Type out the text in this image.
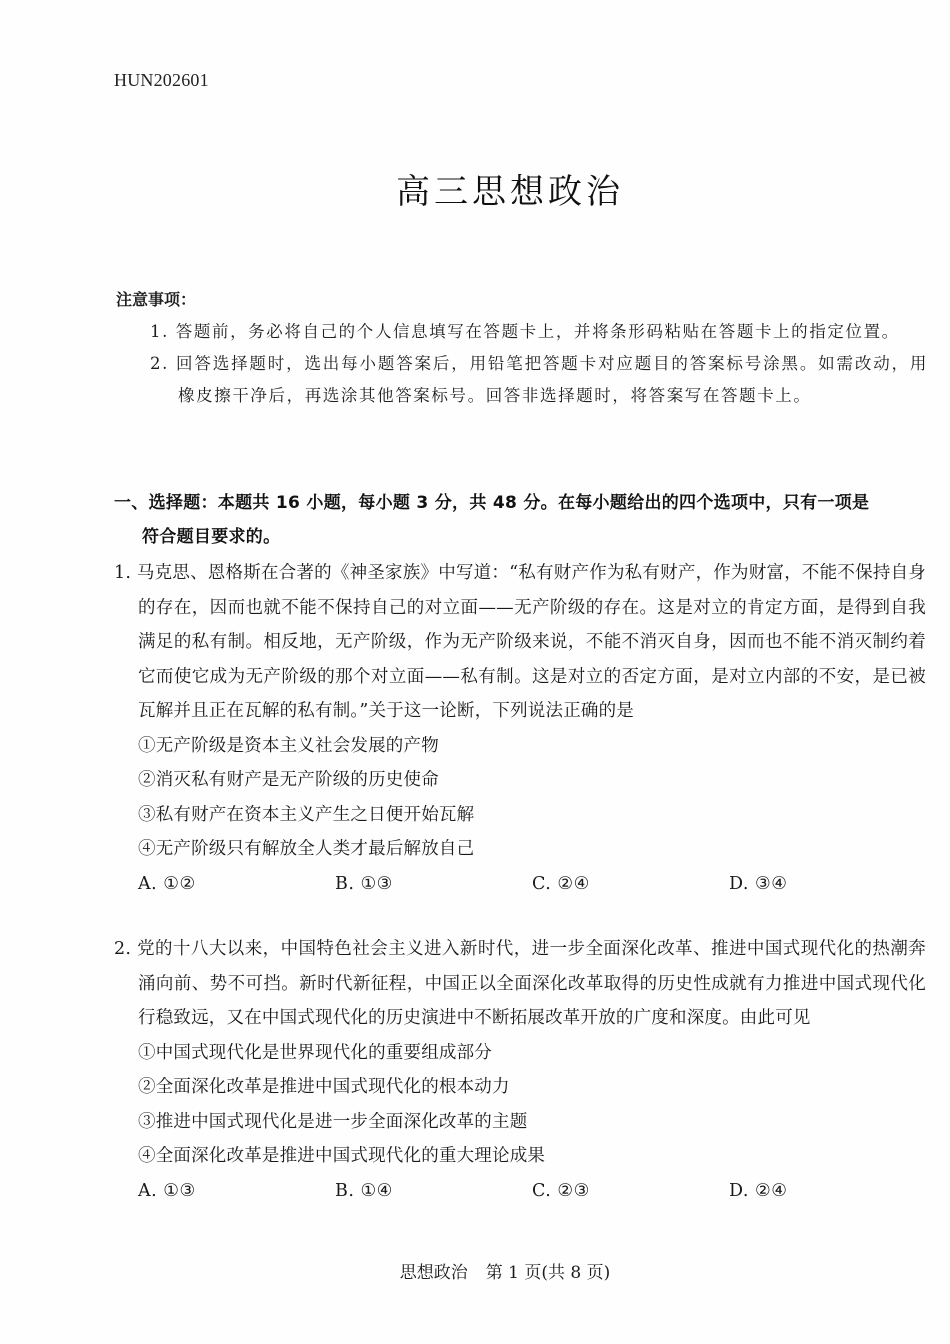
HUN202601
高三思想政治
注意事项：
1. 答题前，务必将自己的个人信息填写在答题卡上，并将条形码粘贴在答题卡上的指定位置。
2. 回答选择题时，选出每小题答案后，用铅笔把答题卡对应题目的答案标号涂黑。如需改动，用橡皮擦干净后，再选涂其他答案标号。回答非选择题时，将答案写在答题卡上。
一、选择题：本题共 16 小题，每小题 3 分，共 48 分。在每小题给出的四个选项中，只有一项是
符合题目要求的。
1. 马克思、恩格斯在合著的《神圣家族》中写道：“私有财产作为私有财产，作为财富，不能不保持自身的存在，因而也就不能不保持自己的对立面——无产阶级的存在。这是对立的肯定方面，是得到自我满足的私有制。相反地，无产阶级，作为无产阶级来说，不能不消灭自身，因而也不能不消灭制约着它而使它成为无产阶级的那个对立面——私有制。这是对立的否定方面，是对立内部的不安，是已被瓦解并且正在瓦解的私有制。”关于这一论断，下列说法正确的是
①无产阶级是资本主义社会发展的产物
②消灭私有财产是无产阶级的历史使命
③私有财产在资本主义产生之日便开始瓦解
④无产阶级只有解放全人类才最后解放自己
A. ①②	B. ①③	C. ②④	D. ③④
2. 党的十八大以来，中国特色社会主义进入新时代，进一步全面深化改革、推进中国式现代化的热潮奔涌向前、势不可挡。新时代新征程，中国正以全面深化改革取得的历史性成就有力推进中国式现代化行稳致远，又在中国式现代化的历史演进中不断拓展改革开放的广度和深度。由此可见
①中国式现代化是世界现代化的重要组成部分
②全面深化改革是推进中国式现代化的根本动力
③推进中国式现代化是进一步全面深化改革的主题
④全面深化改革是推进中国式现代化的重大理论成果
A. ①③	B. ①④	C. ②③	D. ②④
思想政治 第 1 页(共 8 页)
